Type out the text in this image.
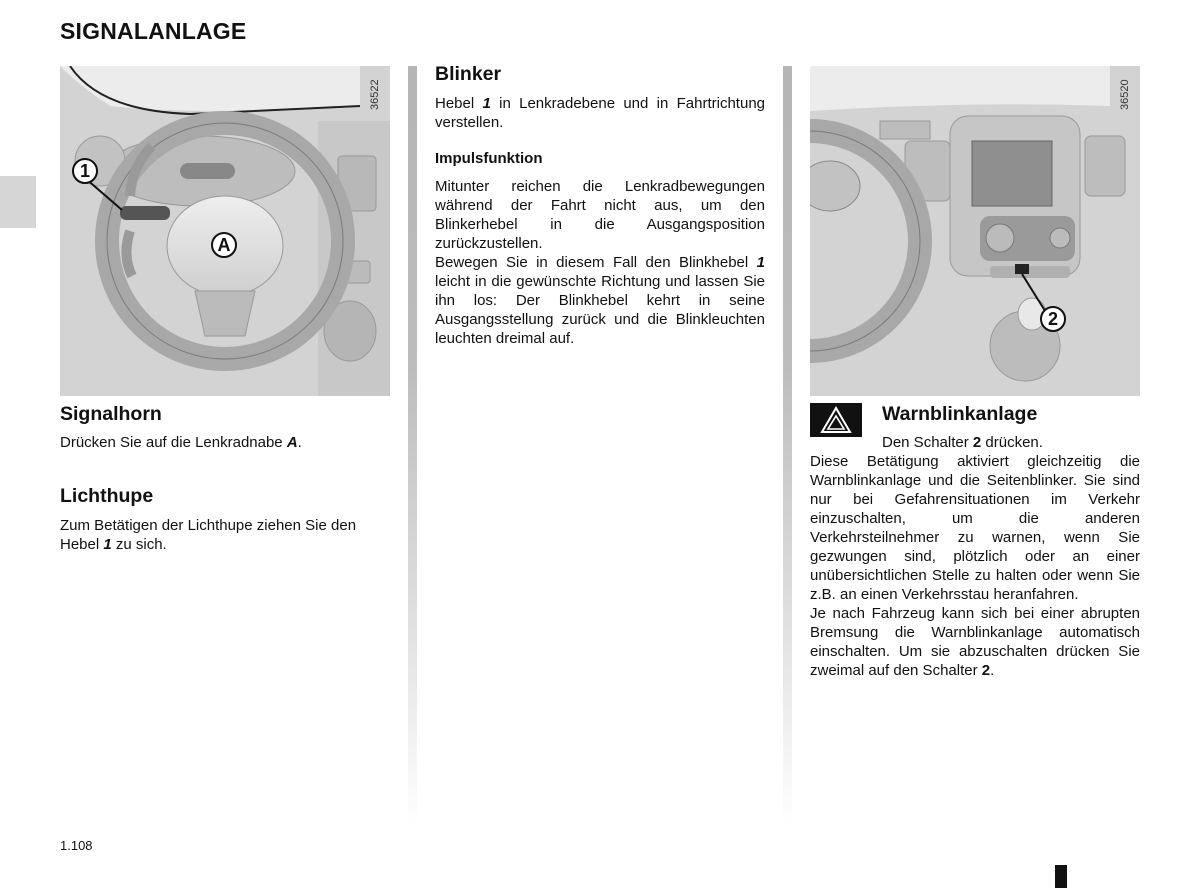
SIGNALANLAGE
36522
1
A
Signalhorn

Drücken Sie auf die Lenkradnabe A.

Lichthupe

Zum Betätigen der Lichthupe ziehen Sie den Hebel 1 zu sich.

Blinker

Hebel 1 in Lenkradebene und in Fahrtrichtung verstellen.

Impulsfunktion

Mitunter reichen die Lenkradbewegungen während der Fahrt nicht aus, um den Blinkerhebel in die Ausgangsposition zurückzustellen.

Bewegen Sie in diesem Fall den Blinkhebel 1 leicht in die gewünschte Richtung und lassen Sie ihn los: Der Blinkhebel kehrt in seine Ausgangsstellung zurück und die Blinkleuchten leuchten dreimal auf.

36520
2
Warnblinkanlage

Den Schalter 2 drücken.

Diese Betätigung aktiviert gleichzeitig die Warnblinkanlage und die Seitenblinker. Sie sind nur bei Gefahrensituationen im Verkehr einzuschalten, um die anderen Verkehrsteilnehmer zu warnen, wenn Sie gezwungen sind, plötzlich oder an einer unübersichtlichen Stelle zu halten oder wenn Sie z.B. an einen Verkehrsstau heranfahren.

Je nach Fahrzeug kann sich bei einer abrupten Bremsung die Warnblinkanlage automatisch einschalten. Um sie abzuschalten drücken Sie zweimal auf den Schalter 2.

1.108
